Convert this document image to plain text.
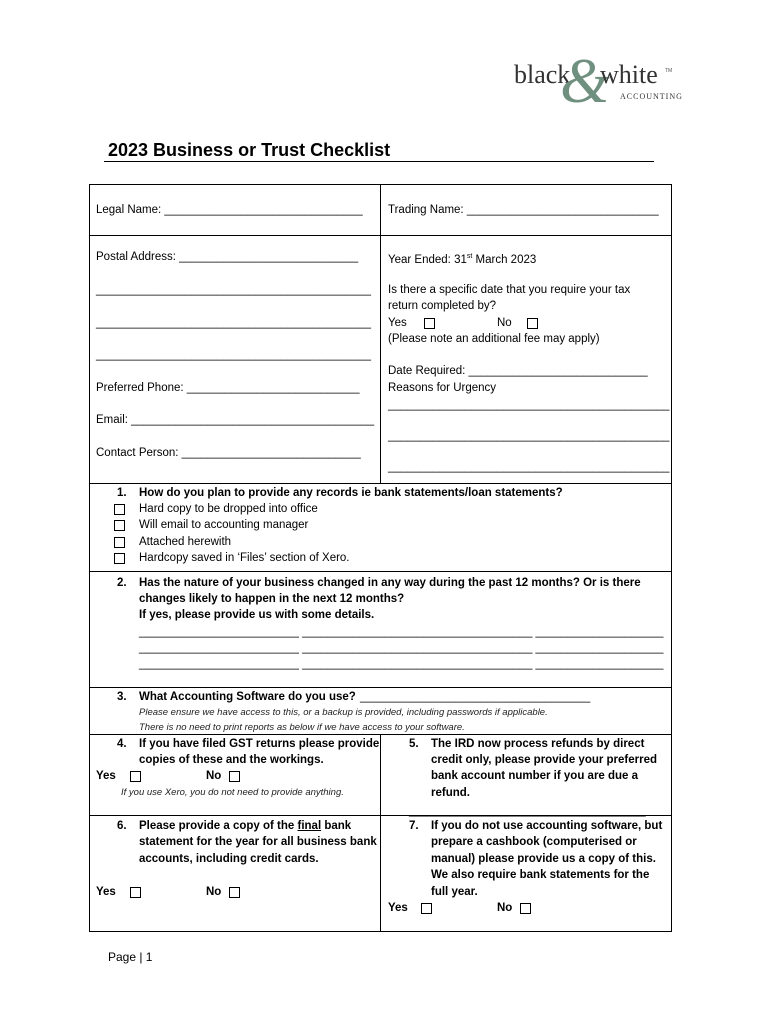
black
&
white TM
ACCOUNTING
2023 Business or Trust Checklist
Legal Name: _______________________________ Trading Name: ______________________________
Postal Address: ____________________________
___________________________________________
___________________________________________
___________________________________________
Preferred Phone: ___________________________
Email: ______________________________________
Contact Person: ____________________________
Year Ended: 31st March 2023
Is there a specific date that you require your tax
return completed by?
Yes	No
(Please note an additional fee may apply)
Date Required: ____________________________
Reasons for Urgency
____________________________________________
____________________________________________
____________________________________________
1. How do you plan to provide any records ie bank statements/loan statements?
Hard copy to be dropped into office
Will email to accounting manager
Attached herewith
Hardcopy saved in ‘Files’ section of Xero.
2. Has the nature of your business changed in any way during the past 12 months? Or is there
changes likely to happen in the next 12 months?
If yes, please provide us with some details.
_________________________ ____________________________________ ____________________
_________________________ ____________________________________ ____________________
_________________________ ____________________________________ ____________________
3. What Accounting Software do you use? ____________________________________
Please ensure we have access to this, or a backup is provided, including passwords if applicable.
There is no need to print reports as below if we have access to your software.
4. If you have filed GST returns please provide
copies of these and the workings.
Yes	No
If you use Xero, you do not need to provide anything.
5. The IRD now process refunds by direct
credit only, please provide your preferred
bank account number if you are due a
refund.
_____________________________________
6. Please provide a copy of the final bank
statement for the year for all business bank
accounts, including credit cards.
Yes	No
7. If you do not use accounting software, but
prepare a cashbook (computerised or
manual) please provide us a copy of this.
We also require bank statements for the
full year.
Yes	No
Page | 1
